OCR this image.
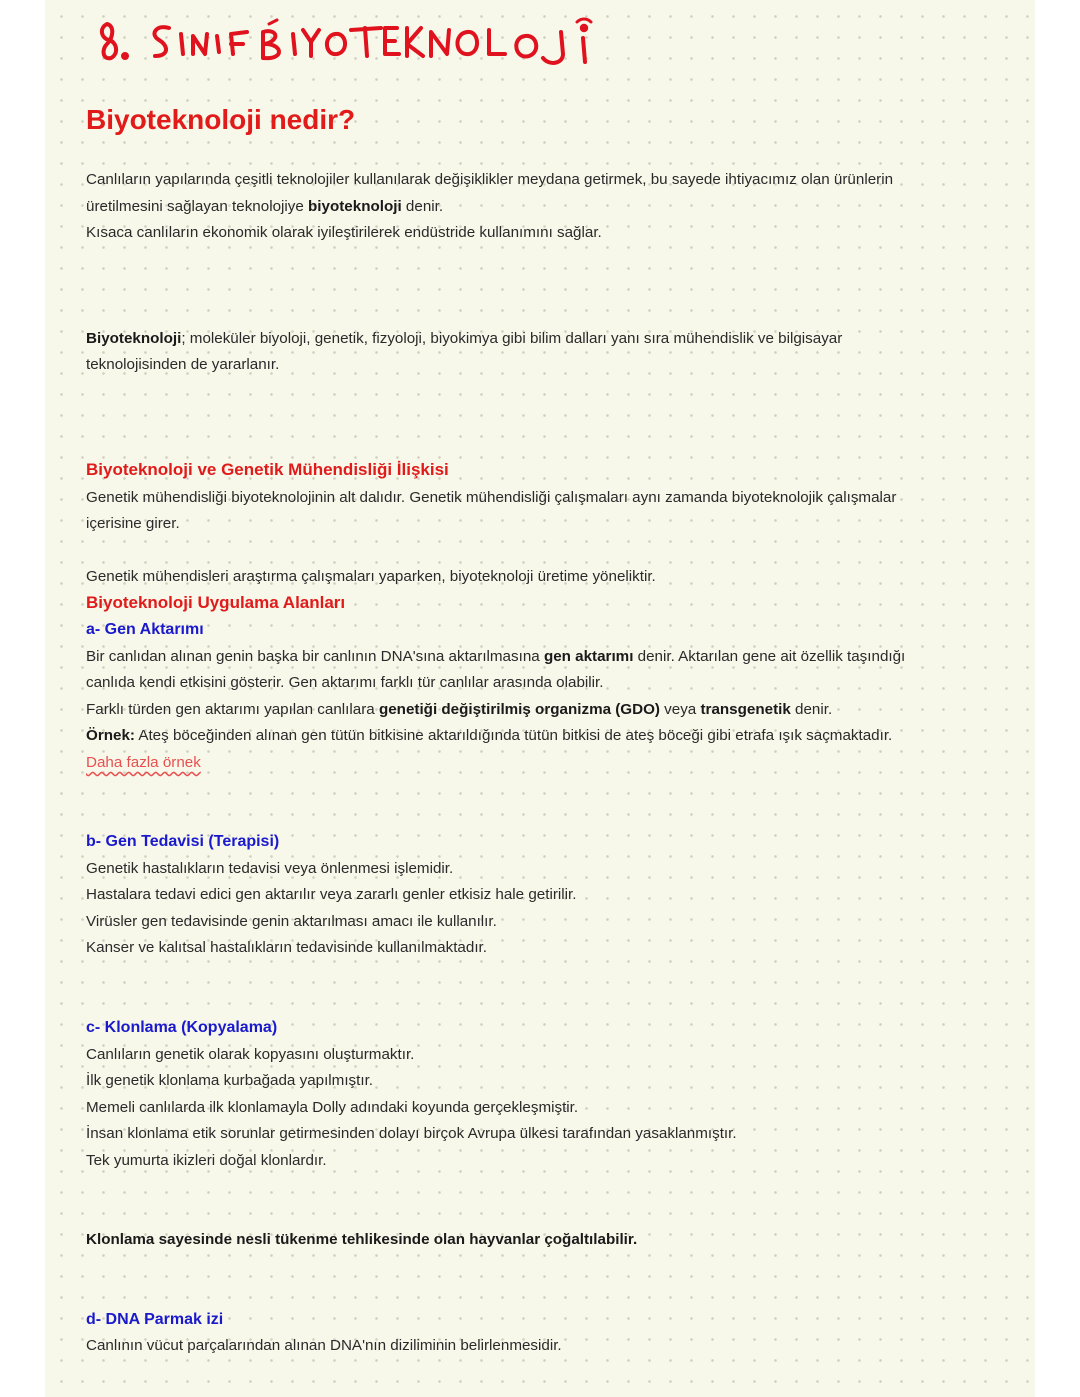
Biyoteknoloji nedir?
Canlıların yapılarında çeşitli teknolojiler kullanılarak değişiklikler meydana getirmek, bu sayede ihtiyacımız olan ürünlerin
üretilmesini sağlayan teknolojiye biyoteknoloji denir.
Kısaca canlıların ekonomik olarak iyileştirilerek endüstride kullanımını sağlar.
Biyoteknoloji; moleküler biyoloji, genetik, fizyoloji, biyokimya gibi bilim dalları yanı sıra mühendislik ve bilgisayar
teknolojisinden de yararlanır.
Biyoteknoloji ve Genetik Mühendisliği İlişkisi
Genetik mühendisliği biyoteknolojinin alt dalıdır. Genetik mühendisliği çalışmaları aynı zamanda biyoteknolojik çalışmalar
içerisine girer.
Genetik mühendisleri araştırma çalışmaları yaparken, biyoteknoloji üretime yöneliktir.
Biyoteknoloji Uygulama Alanları
a- Gen Aktarımı
Bir canlıdan alınan genin başka bir canlının DNA'sına aktarılmasına gen aktarımı denir. Aktarılan gene ait özellik taşındığı
canlıda kendi etkisini gösterir. Gen aktarımı farklı tür canlılar arasında olabilir.
Farklı türden gen aktarımı yapılan canlılara genetiği değiştirilmiş organizma (GDO) veya transgenetik denir.
Örnek: Ateş böceğinden alınan gen tütün bitkisine aktarıldığında tütün bitkisi de ateş böceği gibi etrafa ışık saçmaktadır.
Daha fazla örnek
b- Gen Tedavisi (Terapisi)
Genetik hastalıkların tedavisi veya önlenmesi işlemidir.
Hastalara tedavi edici gen aktarılır veya zararlı genler etkisiz hale getirilir.
Virüsler gen tedavisinde genin aktarılması amacı ile kullanılır.
Kanser ve kalıtsal hastalıkların tedavisinde kullanılmaktadır.
c- Klonlama (Kopyalama)
Canlıların genetik olarak kopyasını oluşturmaktır.
İlk genetik klonlama kurbağada yapılmıştır.
Memeli canlılarda ilk klonlamayla Dolly adındaki koyunda gerçekleşmiştir.
İnsan klonlama etik sorunlar getirmesinden dolayı birçok Avrupa ülkesi tarafından yasaklanmıştır.
Tek yumurta ikizleri doğal klonlardır.
Klonlama sayesinde nesli tükenme tehlikesinde olan hayvanlar çoğaltılabilir.
d- DNA Parmak izi
Canlının vücut parçalarından alınan DNA'nın diziliminin belirlenmesidir.
